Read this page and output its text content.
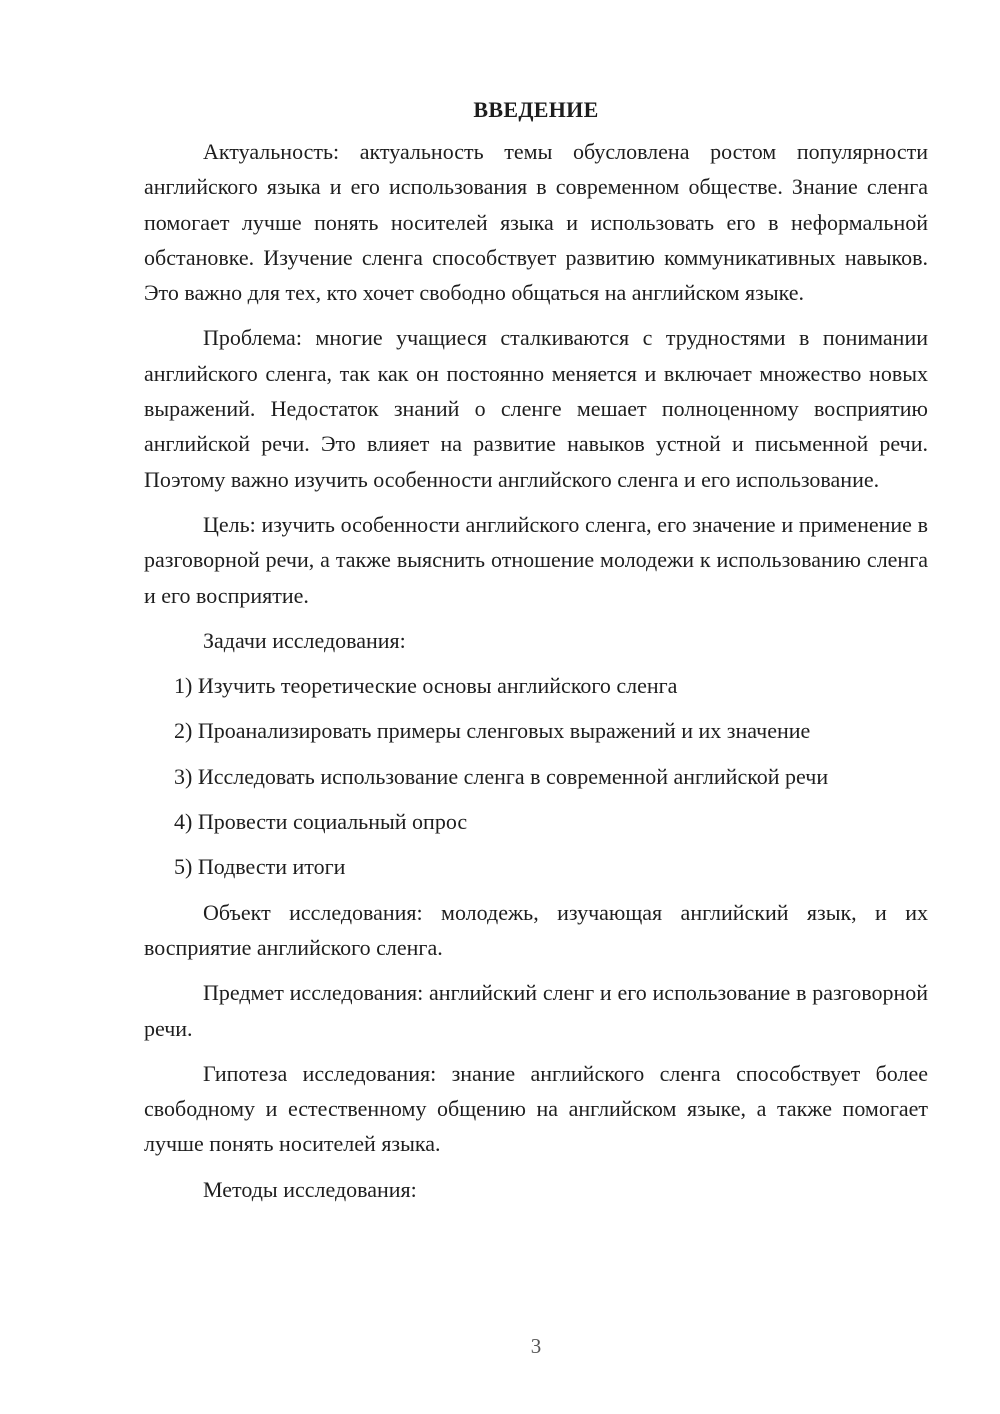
ВВЕДЕНИЕ

Актуальность: актуальность темы обусловлена ростом популярности английского языка и его использования в современном обществе. Знание сленга помогает лучше понять носителей языка и использовать его в неформальной обстановке. Изучение сленга способствует развитию коммуникативных навыков. Это важно для тех, кто хочет свободно общаться на английском языке.

Проблема: многие учащиеся сталкиваются с трудностями в понимании английского сленга, так как он постоянно меняется и включает множество новых выражений. Недостаток знаний о сленге мешает полноценному восприятию английской речи. Это влияет на развитие навыков устной и письменной речи. Поэтому важно изучить особенности английского сленга и его использование.

Цель: изучить особенности английского сленга, его значение и применение в разговорной речи, а также выяснить отношение молодежи к использованию сленга и его восприятие.

Задачи исследования:

1) Изучить теоретические основы английского сленга
2) Проанализировать примеры сленговых выражений и их значение
3) Исследовать использование сленга в современной английской речи
4) Провести социальный опрос
5) Подвести итоги

Объект исследования: молодежь, изучающая английский язык, и их восприятие английского сленга.

Предмет исследования: английский сленг и его использование в разговорной речи.

Гипотеза исследования: знание английского сленга способствует более свободному и естественному общению на английском языке, а также помогает лучше понять носителей языка.

Методы исследования:

3
